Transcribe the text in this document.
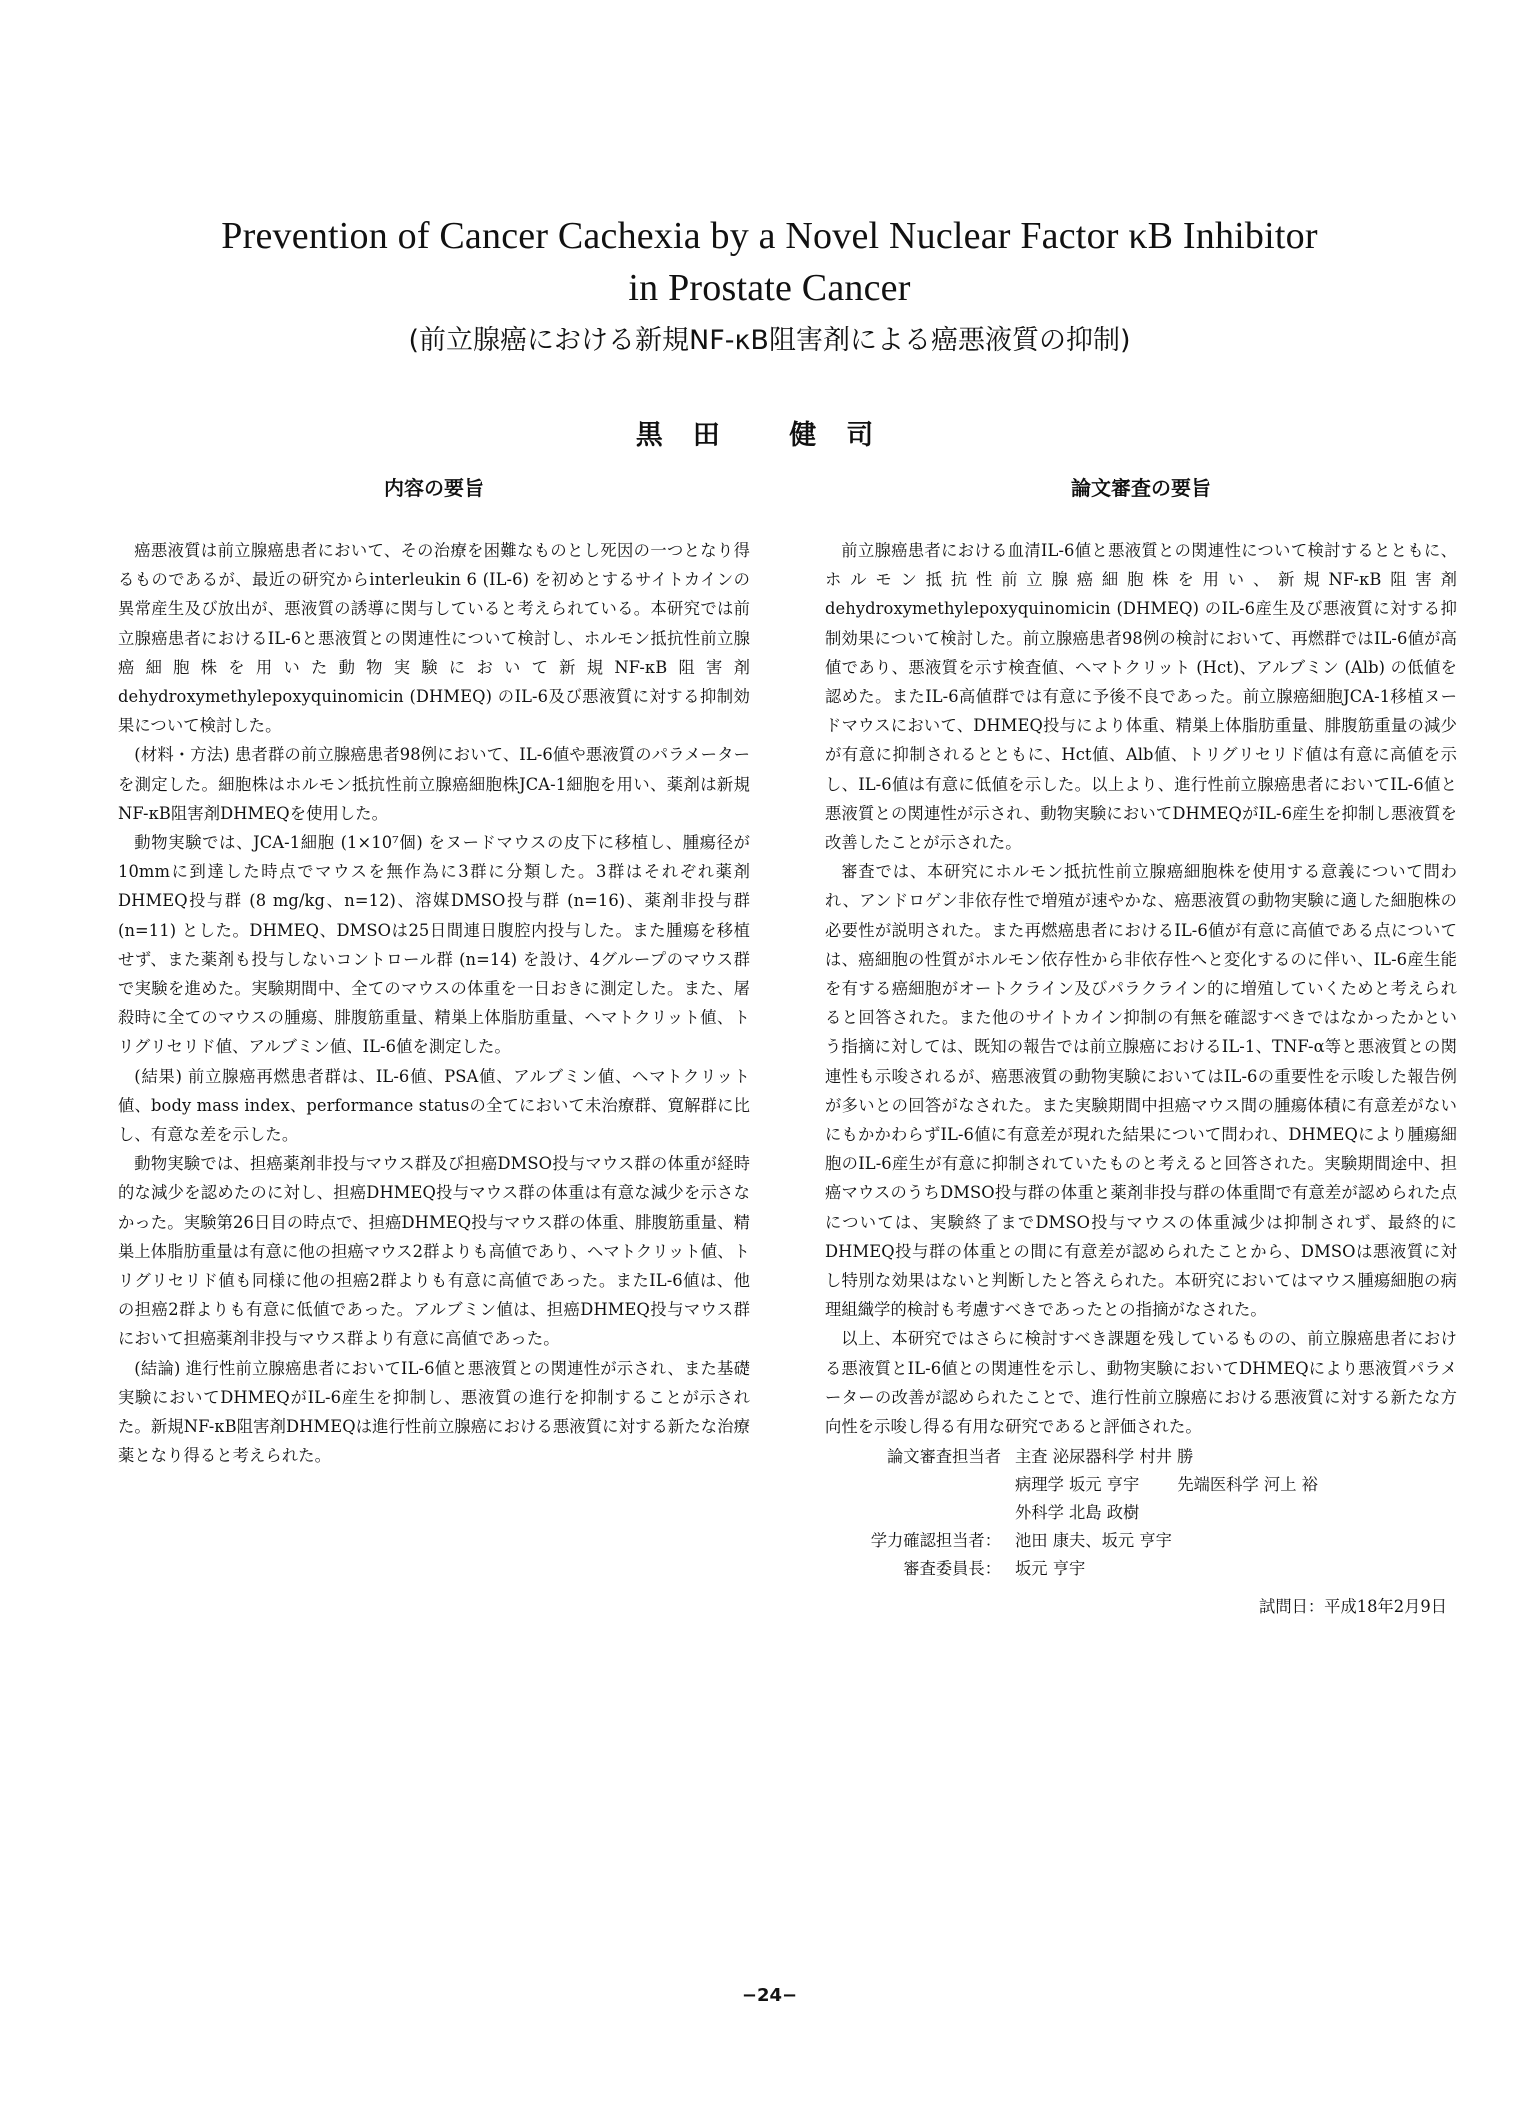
Prevention of Cancer Cachexia by a Novel Nuclear Factor κB Inhibitor
in Prostate Cancer
(前立腺癌における新規NF-κB阻害剤による癌悪液質の抑制)
黒田 健司
内容の要旨

癌悪液質は前立腺癌患者において、その治療を困難なものとし死因の一つとなり得るものであるが、最近の研究からinterleukin 6 (IL-6) を初めとするサイトカインの異常産生及び放出が、悪液質の誘導に関与していると考えられている。本研究では前立腺癌患者におけるIL-6と悪液質との関連性について検討し、ホルモン抵抗性前立腺癌細胞株を用いた動物実験において新規NF-κB阻害剤dehydroxymethylepoxyquinomicin (DHMEQ) のIL-6及び悪液質に対する抑制効果について検討した。

(材料・方法) 患者群の前立腺癌患者98例において、IL-6値や悪液質のパラメーターを測定した。細胞株はホルモン抵抗性前立腺癌細胞株JCA-1細胞を用い、薬剤は新規NF-κB阻害剤DHMEQを使用した。

動物実験では、JCA-1細胞 (1×10⁷個) をヌードマウスの皮下に移植し、腫瘍径が10mmに到達した時点でマウスを無作為に3群に分類した。3群はそれぞれ薬剤DHMEQ投与群 (8 mg/kg、n=12)、溶媒DMSO投与群 (n=16)、薬剤非投与群 (n=11) とした。DHMEQ、DMSOは25日間連日腹腔内投与した。また腫瘍を移植せず、また薬剤も投与しないコントロール群 (n=14) を設け、4グループのマウス群で実験を進めた。実験期間中、全てのマウスの体重を一日おきに測定した。また、屠殺時に全てのマウスの腫瘍、腓腹筋重量、精巣上体脂肪重量、ヘマトクリット値、トリグリセリド値、アルブミン値、IL-6値を測定した。

(結果) 前立腺癌再燃患者群は、IL-6値、PSA値、アルブミン値、ヘマトクリット値、body mass index、performance statusの全てにおいて未治療群、寛解群に比し、有意な差を示した。

動物実験では、担癌薬剤非投与マウス群及び担癌DMSO投与マウス群の体重が経時的な減少を認めたのに対し、担癌DHMEQ投与マウス群の体重は有意な減少を示さなかった。実験第26日目の時点で、担癌DHMEQ投与マウス群の体重、腓腹筋重量、精巣上体脂肪重量は有意に他の担癌マウス2群よりも高値であり、ヘマトクリット値、トリグリセリド値も同様に他の担癌2群よりも有意に高値であった。またIL-6値は、他の担癌2群よりも有意に低値であった。アルブミン値は、担癌DHMEQ投与マウス群において担癌薬剤非投与マウス群より有意に高値であった。

(結論) 進行性前立腺癌患者においてIL-6値と悪液質との関連性が示され、また基礎実験においてDHMEQがIL-6産生を抑制し、悪液質の進行を抑制することが示された。新規NF-κB阻害剤DHMEQは進行性前立腺癌における悪液質に対する新たな治療薬となり得ると考えられた。

論文審査の要旨

前立腺癌患者における血清IL-6値と悪液質との関連性について検討するとともに、ホルモン抵抗性前立腺癌細胞株を用い、新規NF-κB阻害剤dehydroxymethylepoxyquinomicin (DHMEQ) のIL-6産生及び悪液質に対する抑制効果について検討した。前立腺癌患者98例の検討において、再燃群ではIL-6値が高値であり、悪液質を示す検査値、ヘマトクリット (Hct)、アルブミン (Alb) の低値を認めた。またIL-6高値群では有意に予後不良であった。前立腺癌細胞JCA-1移植ヌードマウスにおいて、DHMEQ投与により体重、精巣上体脂肪重量、腓腹筋重量の減少が有意に抑制されるとともに、Hct値、Alb値、トリグリセリド値は有意に高値を示し、IL-6値は有意に低値を示した。以上より、進行性前立腺癌患者においてIL-6値と悪液質との関連性が示され、動物実験においてDHMEQがIL-6産生を抑制し悪液質を改善したことが示された。

審査では、本研究にホルモン抵抗性前立腺癌細胞株を使用する意義について問われ、アンドロゲン非依存性で増殖が速やかな、癌悪液質の動物実験に適した細胞株の必要性が説明された。また再燃癌患者におけるIL-6値が有意に高値である点については、癌細胞の性質がホルモン依存性から非依存性へと変化するのに伴い、IL-6産生能を有する癌細胞がオートクライン及びパラクライン的に増殖していくためと考えられると回答された。また他のサイトカイン抑制の有無を確認すべきではなかったかという指摘に対しては、既知の報告では前立腺癌におけるIL-1、TNF-α等と悪液質との関連性も示唆されるが、癌悪液質の動物実験においてはIL-6の重要性を示唆した報告例が多いとの回答がなされた。また実験期間中担癌マウス間の腫瘍体積に有意差がないにもかかわらずIL-6値に有意差が現れた結果について問われ、DHMEQにより腫瘍細胞のIL-6産生が有意に抑制されていたものと考えると回答された。実験期間途中、担癌マウスのうちDMSO投与群の体重と薬剤非投与群の体重間で有意差が認められた点については、実験終了までDMSO投与マウスの体重減少は抑制されず、最終的にDHMEQ投与群の体重との間に有意差が認められたことから、DMSOは悪液質に対し特別な効果はないと判断したと答えられた。本研究においてはマウス腫瘍細胞の病理組織学的検討も考慮すべきであったとの指摘がなされた。

以上、本研究ではさらに検討すべき課題を残しているものの、前立腺癌患者における悪液質とIL-6値との関連性を示し、動物実験においてDHMEQにより悪液質パラメーターの改善が認められたことで、進行性前立腺癌における悪液質に対する新たな方向性を示唆し得る有用な研究であると評価された。

論文審査担当者 主査 泌尿器科学 村井 勝
病理学 坂元 亨宇 先端医科学 河上 裕
外科学 北島 政樹
学力確認担当者： 池田 康夫、坂元 亨宇
審査委員長： 坂元 亨宇
試問日：平成18年2月9日
−24−
